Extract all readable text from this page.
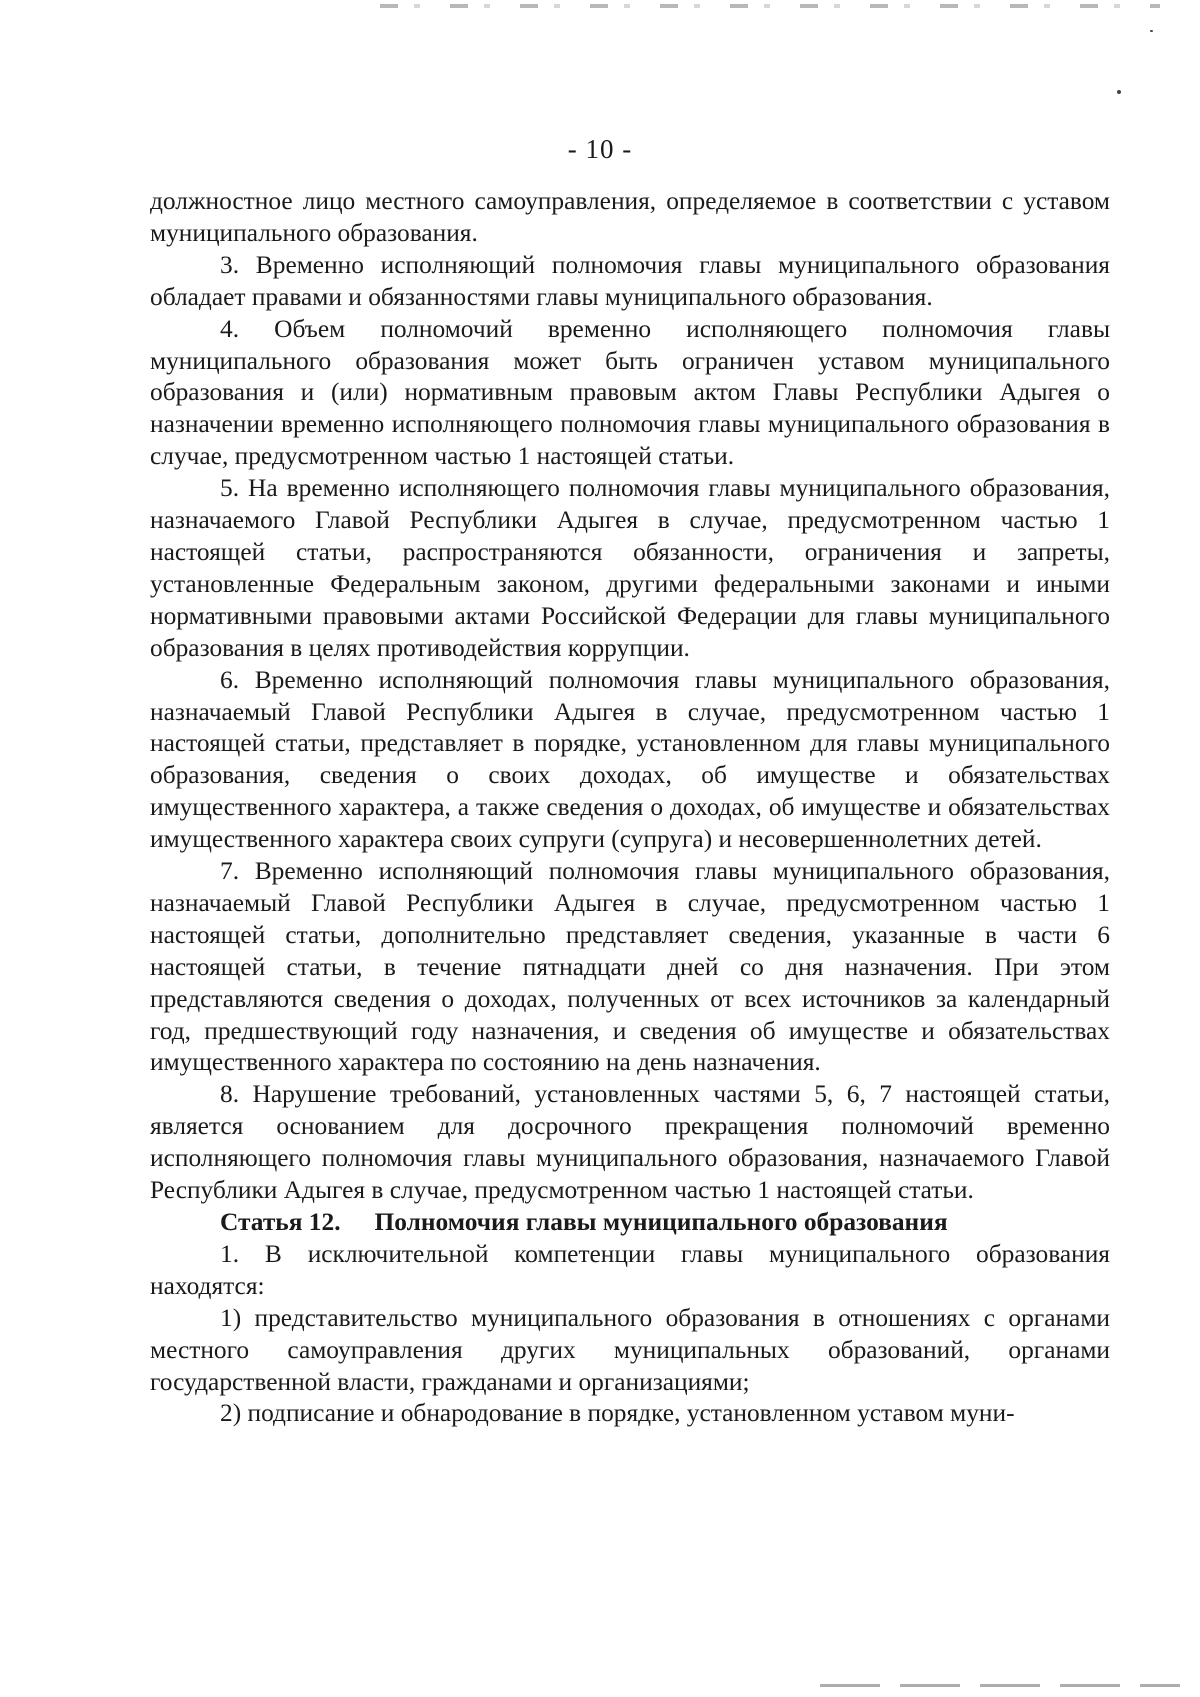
- 10 -

должностное лицо местного самоуправления, определяемое в соответствии с уставом муниципального образования.

3. Временно исполняющий полномочия главы муниципального образования обладает правами и обязанностями главы муниципального образования.

4. Объем полномочий временно исполняющего полномочия главы муниципального образования может быть ограничен уставом муниципального образования и (или) нормативным правовым актом Главы Республики Адыгея о назначении временно исполняющего полномочия главы муниципального образования в случае, предусмотренном частью 1 настоящей статьи.

5. На временно исполняющего полномочия главы муниципального образования, назначаемого Главой Республики Адыгея в случае, предусмотренном частью 1 настоящей статьи, распространяются обязанности, ограничения и запреты, установленные Федеральным законом, другими федеральными законами и иными нормативными правовыми актами Российской Федерации для главы муниципального образования в целях противодействия коррупции.

6. Временно исполняющий полномочия главы муниципального образования, назначаемый Главой Республики Адыгея в случае, предусмотренном частью 1 настоящей статьи, представляет в порядке, установленном для главы муниципального образования, сведения о своих доходах, об имуществе и обязательствах имущественного характера, а также сведения о доходах, об имуществе и обязательствах имущественного характера своих супруги (супруга) и несовершеннолетних детей.

7. Временно исполняющий полномочия главы муниципального образования, назначаемый Главой Республики Адыгея в случае, предусмотренном частью 1 настоящей статьи, дополнительно представляет сведения, указанные в части 6 настоящей статьи, в течение пятнадцати дней со дня назначения. При этом представляются сведения о доходах, полученных от всех источников за календарный год, предшествующий году назначения, и сведения об имуществе и обязательствах имущественного характера по состоянию на день назначения.

8. Нарушение требований, установленных частями 5, 6, 7 настоящей статьи, является основанием для досрочного прекращения полномочий временно исполняющего полномочия главы муниципального образования, назначаемого Главой Республики Адыгея в случае, предусмотренном частью 1 настоящей статьи.

Статья 12. Полномочия главы муниципального образования

1. В исключительной компетенции главы муниципального образования находятся:

1) представительство муниципального образования в отношениях с органами местного самоуправления других муниципальных образований, органами государственной власти, гражданами и организациями;

2) подписание и обнародование в порядке, установленном уставом муни-
